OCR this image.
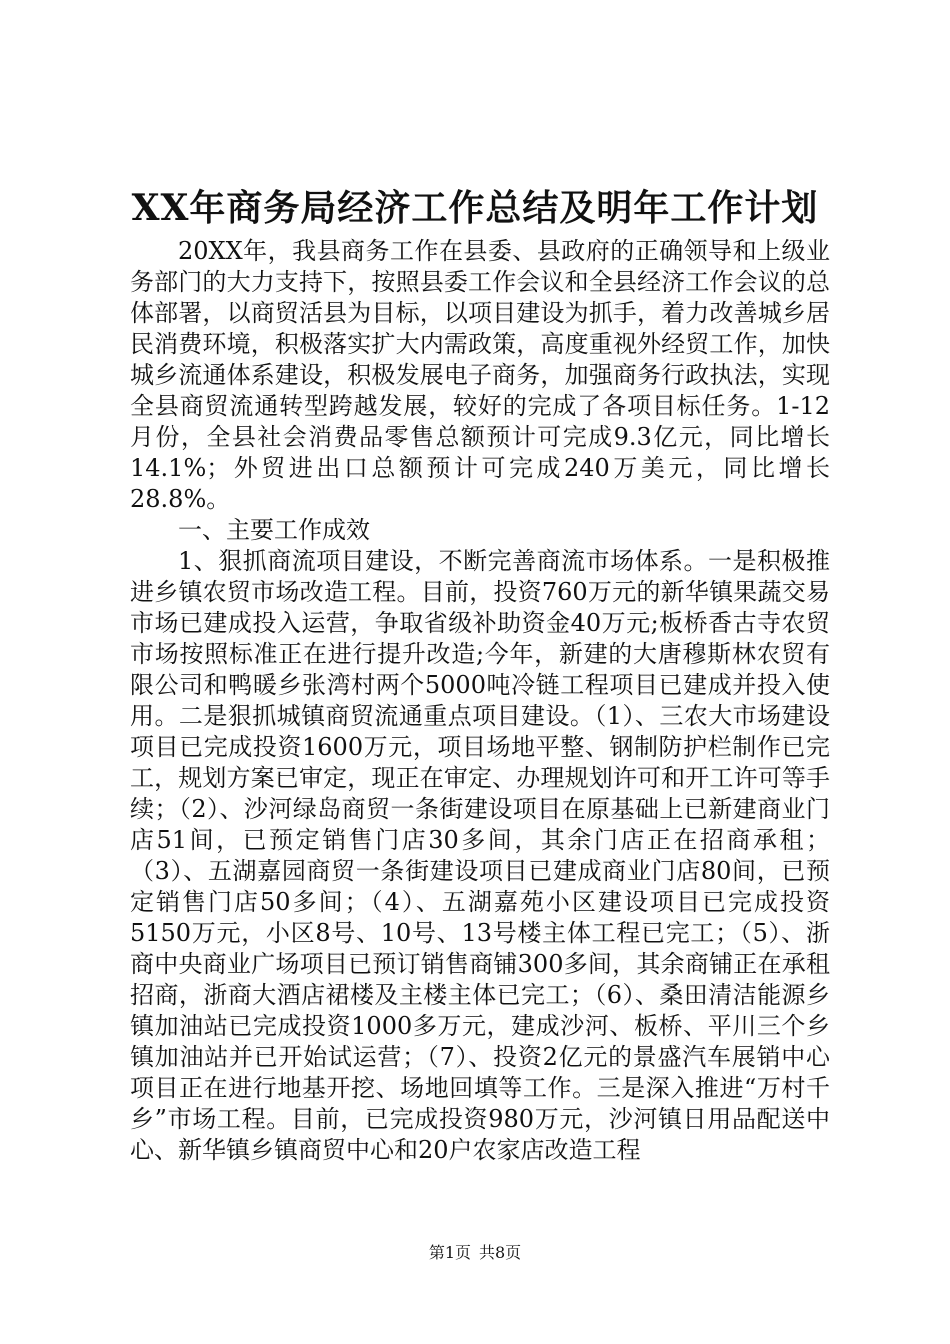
XX年商务局经济工作总结及明年工作计划

20XX年，我县商务工作在县委、县政府的正确领导和上级业务部门的大力支持下，按照县委工作会议和全县经济工作会议的总体部署，以商贸活县为目标，以项目建设为抓手，着力改善城乡居民消费环境，积极落实扩大内需政策，高度重视外经贸工作，加快城乡流通体系建设，积极发展电子商务，加强商务行政执法，实现全县商贸流通转型跨越发展，较好的完成了各项目标任务。1-12月份，全县社会消费品零售总额预计可完成9.3亿元，同比增长14.1%；外贸进出口总额预计可完成240万美元，同比增长28.8%。

一、主要工作成效

1、狠抓商流项目建设，不断完善商流市场体系。一是积极推进乡镇农贸市场改造工程。目前，投资760万元的新华镇果蔬交易市场已建成投入运营，争取省级补助资金40万元;板桥香古寺农贸市场按照标准正在进行提升改造;今年，新建的大唐穆斯林农贸有限公司和鸭暖乡张湾村两个5000吨冷链工程项目已建成并投入使用。二是狠抓城镇商贸流通重点项目建设。（1）、三农大市场建设项目已完成投资1600万元，项目场地平整、钢制防护栏制作已完工，规划方案已审定，现正在审定、办理规划许可和开工许可等手续；（2）、沙河绿岛商贸一条街建设项目在原基础上已新建商业门店51间，已预定销售门店30多间，其余门店正在招商承租；（3）、五湖嘉园商贸一条街建设项目已建成商业门店80间，已预定销售门店50多间；（4）、五湖嘉苑小区建设项目已完成投资5150万元，小区8号、10号、13号楼主体工程已完工；（5）、浙商中央商业广场项目已预订销售商铺300多间，其余商铺正在承租招商，浙商大酒店裙楼及主楼主体已完工；（6）、桑田清洁能源乡镇加油站已完成投资1000多万元，建成沙河、板桥、平川三个乡镇加油站并已开始试运营；（7）、投资2亿元的景盛汽车展销中心项目正在进行地基开挖、场地回填等工作。三是深入推进“万村千乡”市场工程。目前，已完成投资980万元，沙河镇日用品配送中心、新华镇乡镇商贸中心和20户农家店改造工程

第1页 共8页
